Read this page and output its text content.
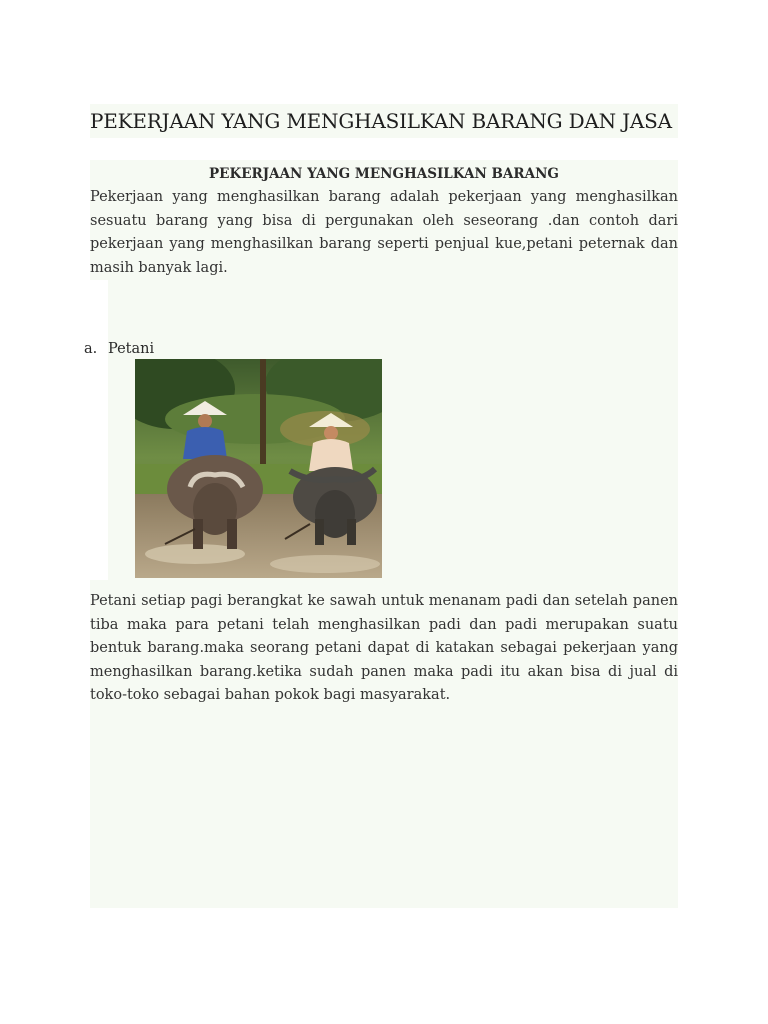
PEKERJAAN YANG MENGHASILKAN BARANG DAN JASA
PEKERJAAN YANG MENGHASILKAN BARANG
Pekerjaan yang menghasilkan barang adalah pekerjaan yang menghasilkan sesuatu barang yang bisa di pergunakan oleh seseorang .dan contoh dari pekerjaan yang menghasilkan barang seperti penjual kue,petani peternak dan masih banyak lagi.
a. Petani
Petani setiap pagi berangkat ke sawah untuk menanam padi dan setelah panen tiba maka para petani telah menghasilkan padi dan padi merupakan suatu bentuk barang.maka seorang petani dapat di katakan sebagai pekerjaan yang menghasilkan barang.ketika sudah panen maka padi itu akan bisa di jual di toko-toko sebagai bahan pokok bagi masyarakat.
